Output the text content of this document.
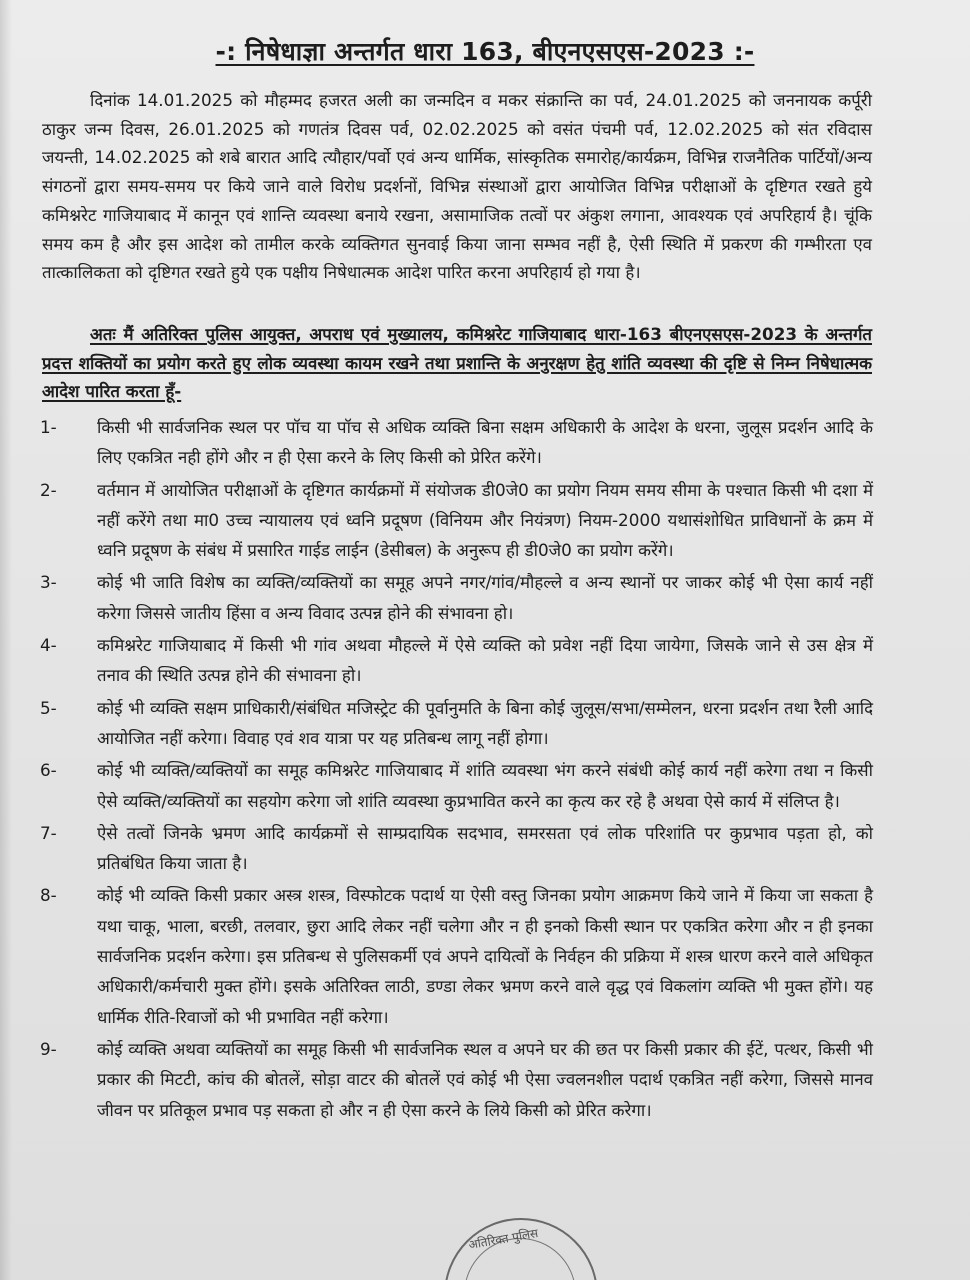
-: निषेधाज्ञा अन्तर्गत धारा 163, बीएनएसएस-2023 :-
दिनांक 14.01.2025 को मौहम्मद हजरत अली का जन्मदिन व मकर संक्रान्ति का पर्व, 24.01.2025 को जननायक कर्पूरी ठाकुर जन्म दिवस, 26.01.2025 को गणतंत्र दिवस पर्व, 02.02.2025 को वसंत पंचमी पर्व, 12.02.2025 को संत रविदास जयन्ती, 14.02.2025 को शबे बारात आदि त्यौहार/पर्वो एवं अन्य धार्मिक, सांस्कृतिक समारोह/कार्यक्रम, विभिन्न राजनैतिक पार्टियों/अन्य संगठनों द्वारा समय-समय पर किये जाने वाले विरोध प्रदर्शनों, विभिन्न संस्थाओं द्वारा आयोजित विभिन्न परीक्षाओं के दृष्टिगत रखते हुये कमिश्नरेट गाजियाबाद में कानून एवं शान्ति व्यवस्था बनाये रखना, असामाजिक तत्वों पर अंकुश लगाना, आवश्यक एवं अपरिहार्य है। चूंकि समय कम है और इस आदेश को तामील करके व्यक्तिगत सुनवाई किया जाना सम्भव नहीं है, ऐसी स्थिति में प्रकरण की गम्भीरता एव तात्कालिकता को दृष्टिगत रखते हुये एक पक्षीय निषेधात्मक आदेश पारित करना अपरिहार्य हो गया है।
अतः मैं अतिरिक्त पुलिस आयुक्त, अपराध एवं मुख्यालय, कमिश्नरेट गाजियाबाद धारा-163 बीएनएसएस-2023 के अन्तर्गत प्रदत्त शक्तियों का प्रयोग करते हुए लोक व्यवस्था कायम रखने तथा प्रशान्ति के अनुरक्षण हेतु शांति व्यवस्था की दृष्टि से निम्न निषेधात्मक आदेश पारित करता हूँ-
1-	किसी भी सार्वजनिक स्थल पर पॉच या पॉच से अधिक व्यक्ति बिना सक्षम अधिकारी के आदेश के धरना, जुलूस प्रदर्शन आदि के लिए एकत्रित नही होंगे और न ही ऐसा करने के लिए किसी को प्रेरित करेंगे।
2-	वर्तमान में आयोजित परीक्षाओं के दृष्टिगत कार्यक्रमों में संयोजक डी0जे0 का प्रयोग नियम समय सीमा के पश्चात किसी भी दशा में नहीं करेंगे तथा मा0 उच्च न्यायालय एवं ध्वनि प्रदूषण (विनियम और नियंत्रण) नियम-2000 यथासंशोधित प्राविधानों के क्रम में ध्वनि प्रदूषण के संबंध में प्रसारित गाईड लाईन (डेसीबल) के अनुरूप ही डी0जे0 का प्रयोग करेंगे।
3-	कोई भी जाति विशेष का व्यक्ति/व्यक्तियों का समूह अपने नगर/गांव/मौहल्ले व अन्य स्थानों पर जाकर कोई भी ऐसा कार्य नहीं करेगा जिससे जातीय हिंसा व अन्य विवाद उत्पन्न होने की संभावना हो।
4-	कमिश्नरेट गाजियाबाद में किसी भी गांव अथवा मौहल्ले में ऐसे व्यक्ति को प्रवेश नहीं दिया जायेगा, जिसके जाने से उस क्षेत्र में तनाव की स्थिति उत्पन्न होने की संभावना हो।
5-	कोई भी व्यक्ति सक्षम प्राधिकारी/संबंधित मजिस्ट्रेट की पूर्वानुमति के बिना कोई जुलूस/सभा/सम्मेलन, धरना प्रदर्शन तथा रैली आदि आयोजित नहीं करेगा। विवाह एवं शव यात्रा पर यह प्रतिबन्ध लागू नहीं होगा।
6-	कोई भी व्यक्ति/व्यक्तियों का समूह कमिश्नरेट गाजियाबाद में शांति व्यवस्था भंग करने संबंधी कोई कार्य नहीं करेगा तथा न किसी ऐसे व्यक्ति/व्यक्तियों का सहयोग करेगा जो शांति व्यवस्था कुप्रभावित करने का कृत्य कर रहे है अथवा ऐसे कार्य में संलिप्त है।
7-	ऐसे तत्वों जिनके भ्रमण आदि कार्यक्रमों से साम्प्रदायिक सदभाव, समरसता एवं लोक परिशांति पर कुप्रभाव पड़ता हो, को प्रतिबंधित किया जाता है।
8-	कोई भी व्यक्ति किसी प्रकार अस्त्र शस्त्र, विस्फोटक पदार्थ या ऐसी वस्तु जिनका प्रयोग आक्रमण किये जाने में किया जा सकता है यथा चाकू, भाला, बरछी, तलवार, छुरा आदि लेकर नहीं चलेगा और न ही इनको किसी स्थान पर एकत्रित करेगा और न ही इनका सार्वजनिक प्रदर्शन करेगा। इस प्रतिबन्ध से पुलिसकर्मी एवं अपने दायित्वों के निर्वहन की प्रक्रिया में शस्त्र धारण करने वाले अधिकृत अधिकारी/कर्मचारी मुक्त होंगे। इसके अतिरिक्त लाठी, डण्डा लेकर भ्रमण करने वाले वृद्ध एवं विकलांग व्यक्ति भी मुक्त होंगे। यह धार्मिक रीति-रिवाजों को भी प्रभावित नहीं करेगा।
9-	कोई व्यक्ति अथवा व्यक्तियों का समूह किसी भी सार्वजनिक स्थल व अपने घर की छत पर किसी प्रकार की ईटें, पत्थर, किसी भी प्रकार की मिटटी, कांच की बोतलें, सोड़ा वाटर की बोतलें एवं कोई भी ऐसा ज्वलनशील पदार्थ एकत्रित नहीं करेगा, जिससे मानव जीवन पर प्रतिकूल प्रभाव पड़ सकता हो और न ही ऐसा करने के लिये किसी को प्रेरित करेगा।
अतिरिक्त पुलिस
